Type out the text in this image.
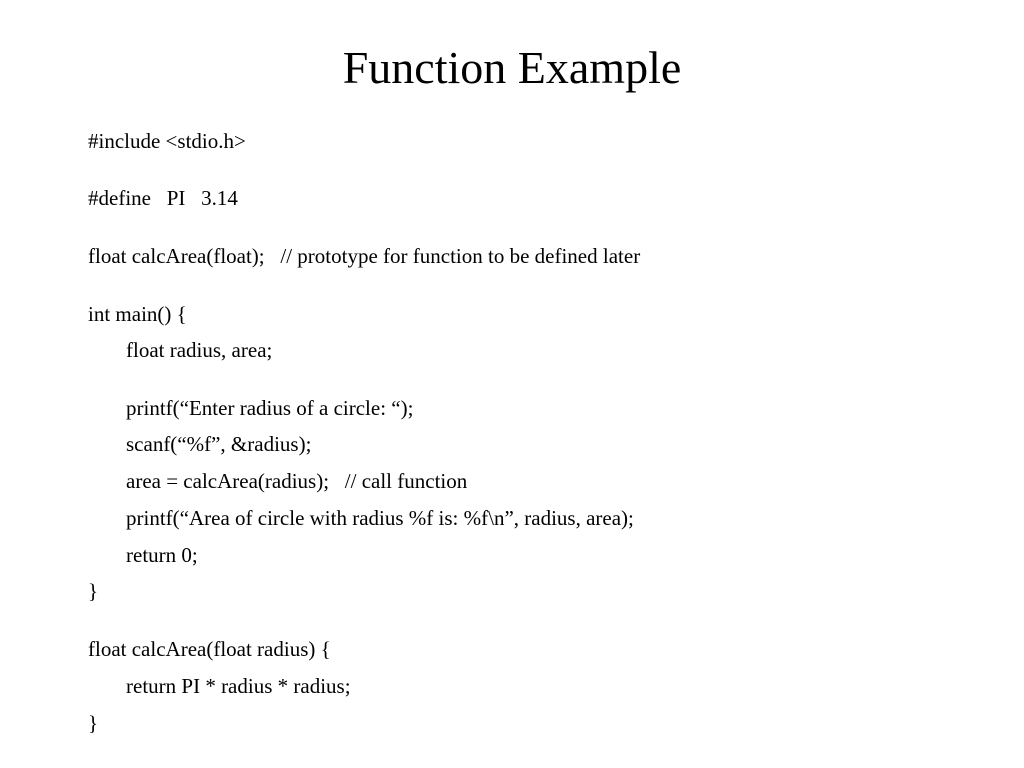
Function Example
#include <stdio.h>
#define   PI   3.14
float calcArea(float);   // prototype for function to be defined later
int main() {
float radius, area;
printf(“Enter radius of a circle: “);
scanf(“%f”, &radius);
area = calcArea(radius);   // call function
printf(“Area of circle with radius %f is: %f\n”, radius, area);
return 0;
}
float calcArea(float radius) {
return PI * radius * radius;
}
